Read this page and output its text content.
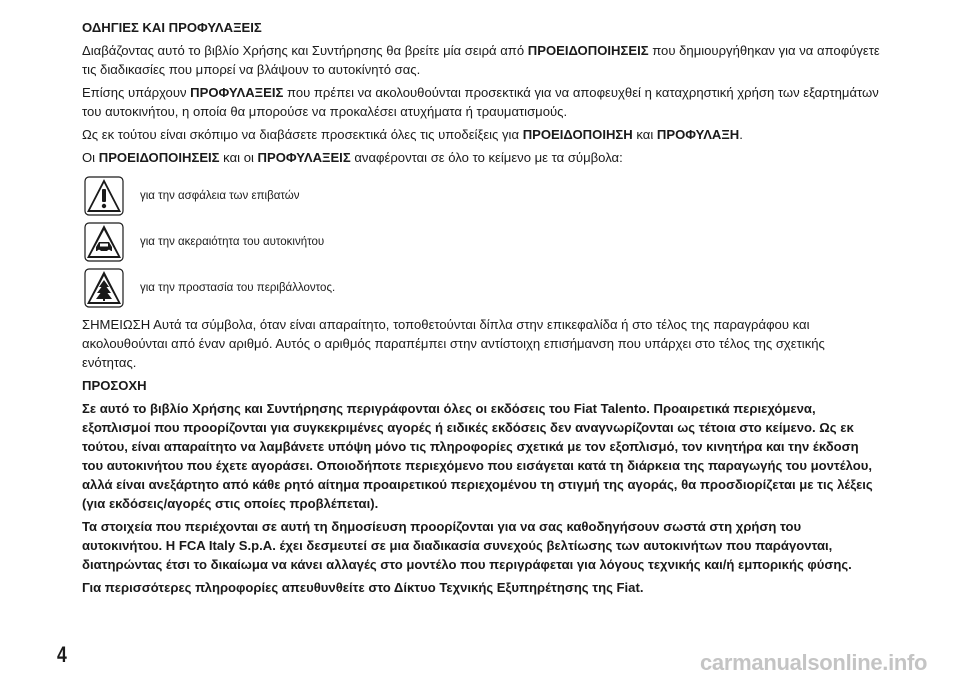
ΟΔΗΓΙΕΣ ΚΑΙ ΠΡΟΦΥΛΑΞΕΙΣ

Διαβάζοντας αυτό το βιβλίο Χρήσης και Συντήρησης θα βρείτε μία σειρά από ΠΡΟΕΙΔΟΠΟΙΗΣΕΙΣ που δημιουργήθηκαν για να αποφύγετε τις διαδικασίες που μπορεί να βλάψουν το αυτοκίνητό σας.

Επίσης υπάρχουν ΠΡΟΦΥΛΑΞΕΙΣ που πρέπει να ακολουθούνται προσεκτικά για να αποφευχθεί η καταχρηστική χρήση των εξαρτημάτων του αυτοκινήτου, η οποία θα μπορούσε να προκαλέσει ατυχήματα ή τραυματισμούς.

Ως εκ τούτου είναι σκόπιμο να διαβάσετε προσεκτικά όλες τις υποδείξεις για ΠΡΟΕΙΔΟΠΟΙΗΣΗ και ΠΡΟΦΥΛΑΞΗ.

Οι ΠΡΟΕΙΔΟΠΟΙΗΣΕΙΣ και οι ΠΡΟΦΥΛΑΞΕΙΣ αναφέρονται σε όλο το κείμενο με τα σύμβολα:

για την ασφάλεια των επιβατών
για την ακεραιότητα του αυτοκινήτου
για την προστασία του περιβάλλοντος.

ΣΗΜΕΙΩΣΗ Αυτά τα σύμβολα, όταν είναι απαραίτητο, τοποθετούνται δίπλα στην επικεφαλίδα ή στο τέλος της παραγράφου και ακολουθούνται από έναν αριθμό. Αυτός ο αριθμός παραπέμπει στην αντίστοιχη επισήμανση που υπάρχει στο τέλος της σχετικής ενότητας.

ΠΡΟΣΟΧΗ

Σε αυτό το βιβλίο Χρήσης και Συντήρησης περιγράφονται όλες οι εκδόσεις του Fiat Talento. Προαιρετικά περιεχόμενα, εξοπλισμοί που προορίζονται για συγκεκριμένες αγορές ή ειδικές εκδόσεις δεν αναγνωρίζονται ως τέτοια στο κείμενο. Ως εκ τούτου, είναι απαραίτητο να λαμβάνετε υπόψη μόνο τις πληροφορίες σχετικά με τον εξοπλισμό, τον κινητήρα και την έκδοση του αυτοκινήτου που έχετε αγοράσει. Οποιοδήποτε περιεχόμενο που εισάγεται κατά τη διάρκεια της παραγωγής του μοντέλου, αλλά είναι ανεξάρτητο από κάθε ρητό αίτημα προαιρετικού περιεχομένου τη στιγμή της αγοράς, θα προσδιορίζεται με τις λέξεις (για εκδόσεις/αγορές στις οποίες προβλέπεται).

Τα στοιχεία που περιέχονται σε αυτή τη δημοσίευση προορίζονται για να σας καθοδηγήσουν σωστά στη χρήση του αυτοκινήτου. Η FCA Italy S.p.A. έχει δεσμευτεί σε μια διαδικασία συνεχούς βελτίωσης των αυτοκινήτων που παράγονται, διατηρώντας έτσι το δικαίωμα να κάνει αλλαγές στο μοντέλο που περιγράφεται για λόγους τεχνικής και/ή εμπορικής φύσης.

Για περισσότερες πληροφορίες απευθυνθείτε στο Δίκτυο Τεχνικής Εξυπηρέτησης της Fiat.

4	carmanualsonline.info
